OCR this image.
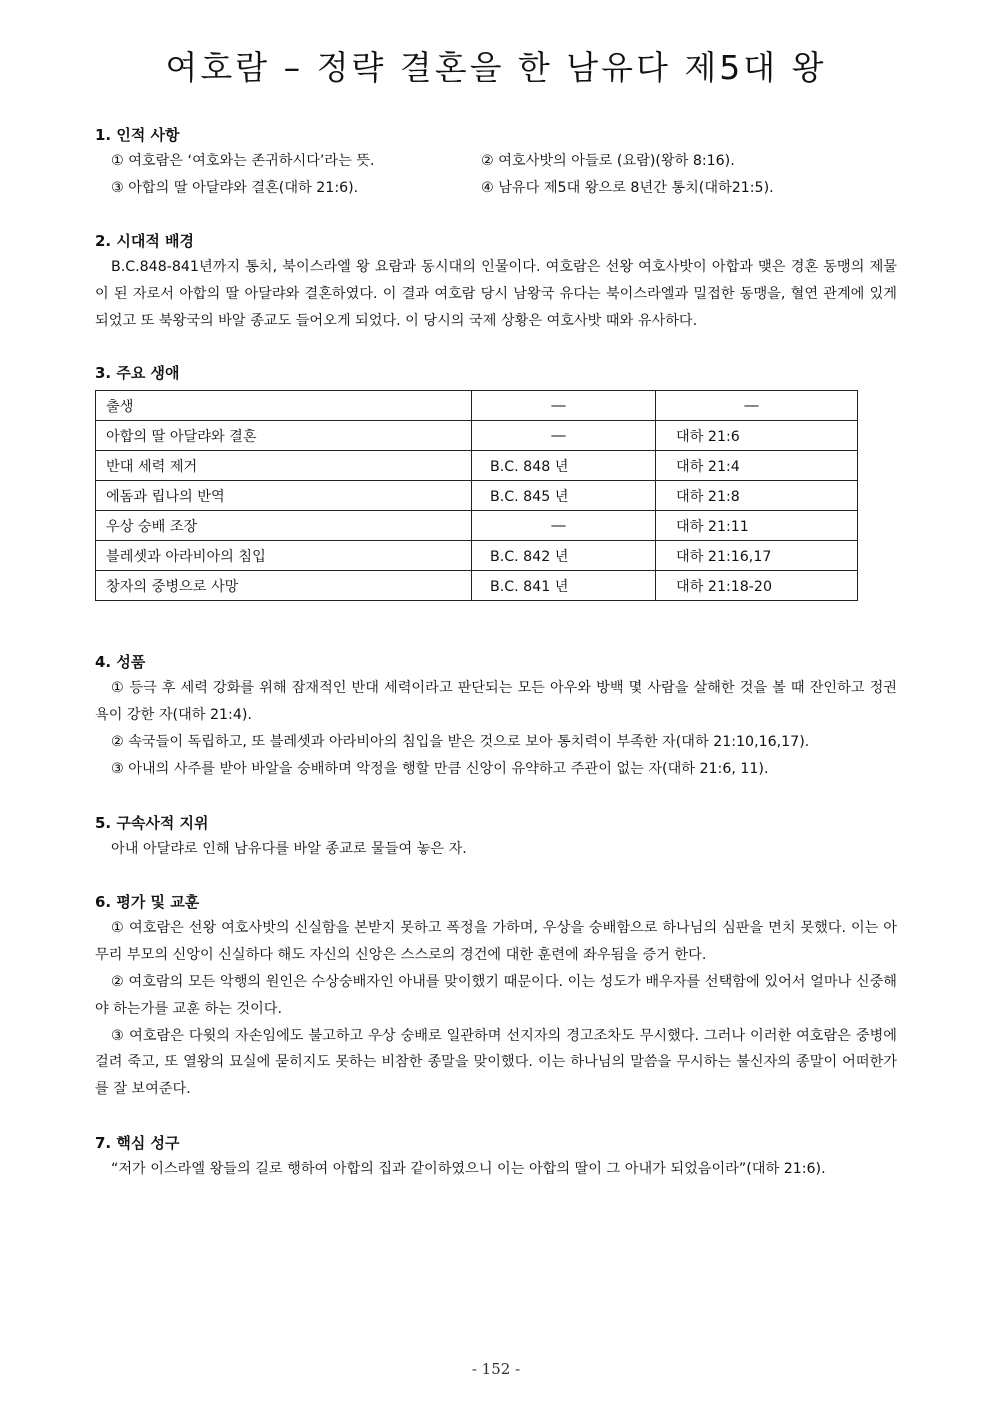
여호람 – 정략 결혼을 한 남유다 제5대 왕

1. 인적 사항

① 여호람은 ‘여호와는 존귀하시다’라는 뜻.	② 여호사밧의 아들로 (요람)(왕하 8:16).
③ 아합의 딸 아달랴와 결혼(대하 21:6).	④ 남유다 제5대 왕으로 8년간 통치(대하21:5).

2. 시대적 배경

B.C.848-841년까지 통치, 북이스라엘 왕 요람과 동시대의 인물이다. 여호람은 선왕 여호사밧이 아합과 맺은 경혼 동맹의 제물이 된 자로서 아합의 딸 아달랴와 결혼하였다. 이 결과 여호람 당시 남왕국 유다는 북이스라엘과 밀접한 동맹을, 혈연 관계에 있게 되었고 또 북왕국의 바알 종교도 들어오게 되었다. 이 당시의 국제 상황은 여호사밧 때와 유사하다.

3. 주요 생애

출생	―	―
아합의 딸 아달랴와 결혼	―	대하 21:6
반대 세력 제거	B.C. 848 년	대하 21:4
에돔과 립나의 반역	B.C. 845 년	대하 21:8
우상 숭배 조장	―	대하 21:11
블레셋과 아라비아의 침입	B.C. 842 년	대하 21:16,17
창자의 중병으로 사망	B.C. 841 년	대하 21:18-20

4. 성품

① 등극 후 세력 강화를 위해 잠재적인 반대 세력이라고 판단되는 모든 아우와 방백 몇 사람을 살해한 것을 볼 때 잔인하고 정권욕이 강한 자(대하 21:4).

② 속국들이 독립하고, 또 블레셋과 아라비아의 침입을 받은 것으로 보아 통치력이 부족한 자(대하 21:10,16,17).

③ 아내의 사주를 받아 바알을 숭배하며 악정을 행할 만큼 신앙이 유약하고 주관이 없는 자(대하 21:6, 11).

5. 구속사적 지위

아내 아달랴로 인해 남유다를 바알 종교로 물들여 놓은 자.

6. 평가 및 교훈

① 여호람은 선왕 여호사밧의 신실함을 본받지 못하고 폭정을 가하며, 우상을 숭배함으로 하나님의 심판을 면치 못했다. 이는 아무리 부모의 신앙이 신실하다 해도 자신의 신앙은 스스로의 경건에 대한 훈련에 좌우됨을 증거 한다.

② 여호람의 모든 악행의 원인은 수상숭배자인 아내를 맞이했기 때문이다. 이는 성도가 배우자를 선택함에 있어서 얼마나 신중해야 하는가를 교훈 하는 것이다.

③ 여호람은 다윗의 자손임에도 불고하고 우상 숭배로 일관하며 선지자의 경고조차도 무시했다. 그러나 이러한 여호람은 중병에 걸려 죽고, 또 열왕의 묘실에 묻히지도 못하는 비참한 종말을 맞이했다. 이는 하나님의 말씀을 무시하는 불신자의 종말이 어떠한가를 잘 보여준다.

7. 핵심 성구

“저가 이스라엘 왕들의 길로 행하여 아합의 집과 같이하였으니 이는 아합의 딸이 그 아내가 되었음이라”(대하 21:6).

- 152 -
